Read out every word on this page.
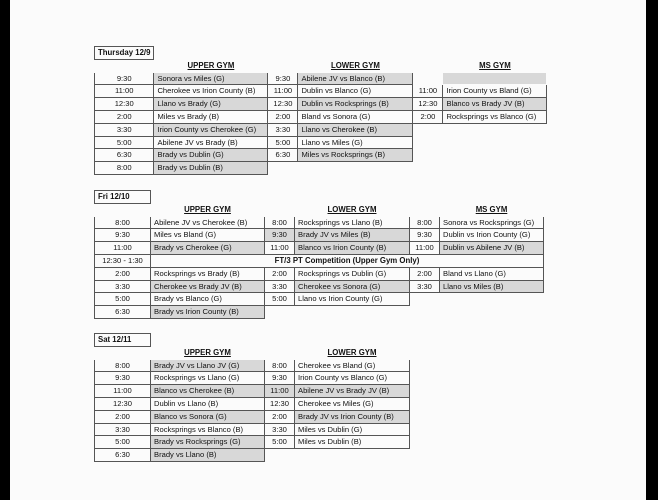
Thursday 12/9					
	UPPER GYM		LOWER GYM		MS GYM
9:30	Sonora vs Miles (G)	9:30	Abilene JV vs Blanco (B)		
11:00	Cherokee vs Irion County (B)	11:00	Dublin vs Blanco (G)	11:00	Irion County vs Bland (G)
12:30	Llano vs Brady (G)	12:30	Dublin vs Rocksprings (B)	12:30	Blanco vs Brady JV (B)
2:00	Miles vs Brady (B)	2:00	Bland vs Sonora (G)	2:00	Rocksprings vs Blanco (G)
3:30	Irion County vs Cherokee (G)	3:30	Llano vs Cherokee (B)		
5:00	Abilene JV vs Brady (B)	5:00	Llano vs Miles (G)		
6:30	Brady vs Dublin (G)	6:30	Miles vs Rocksprings (B)		
8:00	Brady vs Dublin (B)				
Fri 12/10					
	UPPER GYM		LOWER GYM		MS GYM
8:00	Abilene JV vs Cherokee (B)	8:00	Rocksprings vs Llano (B)	8:00	Sonora vs Rocksprings (G)
9:30	Miles vs Bland (G)	9:30	Brady JV vs Miles (B)	9:30	Dublin vs Irion County (G)
11:00	Brady vs Cherokee (G)	11:00	Blanco vs Irion County (B)	11:00	Dublin vs Abilene JV (B)
12:30 - 1:30	FT/3 PT Competition (Upper Gym Only)				
2:00	Rocksprings vs Brady (B)	2:00	Rocksprings vs Dublin (G)	2:00	Bland vs Llano (G)
3:30	Cherokee vs Brady JV (B)	3:30	Cherokee vs Sonora (G)	3:30	Llano vs Miles (B)
5:00	Brady vs Blanco (G)	5:00	Llano vs Irion County (G)		
6:30	Brady vs Irion County (B)				
Sat 12/11					
	UPPER GYM		LOWER GYM		
8:00	Brady JV vs Llano JV (G)	8:00	Cherokee vs Bland (G)		
9:30	Rocksprings vs Llano (G)	9:30	Irion County vs Blanco (G)		
11:00	Blanco vs Cherokee (B)	11:00	Abilene JV vs Brady JV (B)		
12:30	Dublin vs Llano (B)	12:30	Cherokee vs Miles (G)		
2:00	Blanco vs Sonora (G)	2:00	Brady JV vs Irion County (B)		
3:30	Rocksprings vs Blanco (B)	3:30	Miles vs Dublin (G)		
5:00	Brady vs Rocksprings (G)	5:00	Miles vs Dublin (B)		
6:30	Brady vs Llano (B)				
